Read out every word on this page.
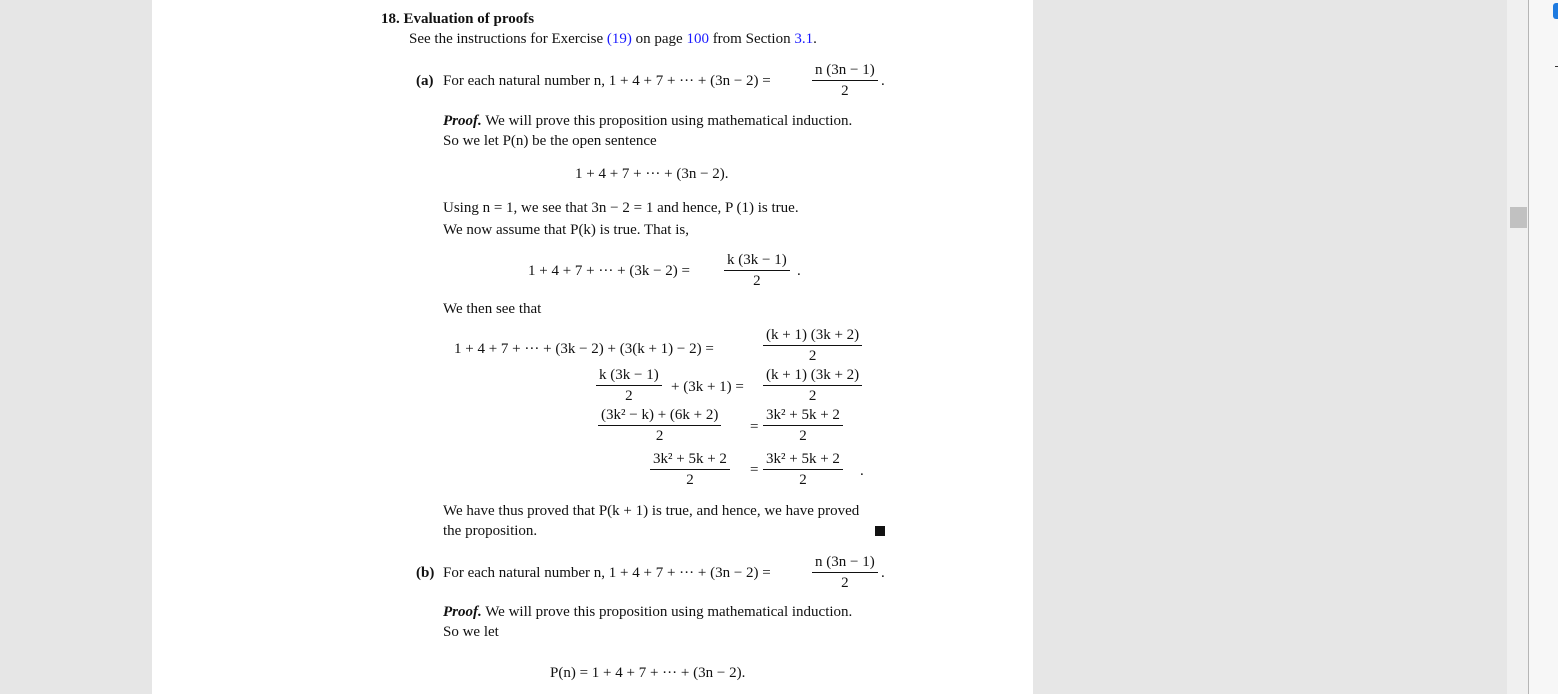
18. Evaluation of proofs
See the instructions for Exercise (19) on page 100 from Section 3.1.
(a) For each natural number n, 1 + 4 + 7 + ··· + (3n − 2) =	$\frac{n (3n - 1)}{2}$ .
Proof. We will prove this proposition using mathematical induction.
So we let P(n) be the open sentence
1 + 4 + 7 + ··· + (3n − 2).
Using n = 1, we see that 3n − 2 = 1 and hence, P (1) is true.
We now assume that P(k) is true. That is,
1 + 4 + 7 + ··· + $(3k - 2) = \frac{k (3k - 1)}{2}$ .
We then see that
1 + 4 + 7 + ··· + (3k − 2) + (3(k + 1) − 2) =	$\frac{(k + 1) (3k + 2)}{2}$
$\frac{k (3k - 1)}{2} + (3k + 1) = \frac{(k + 1) (3k + 2)}{2}$
$\frac{\text{(3k² − k) + (6k + 2)}}{2} = \frac{\text{3k² + 5k + 2}}{2}$
$\frac{\text{3k² + 5k + 2}}{2} = \frac{\text{3k² + 5k + 2}}{2}$ .
We have thus proved that P(k + 1) is true, and hence, we have proved
the proposition.
(b) For each natural number n, 1 + 4 + 7 + ··· + (3n − 2) =	$\frac{n (3n - 1)}{2}$ .
Proof. We will prove this proposition using mathematical induction.
So we let
P(n) = 1 + 4 + 7 + ··· + (3n − 2).
